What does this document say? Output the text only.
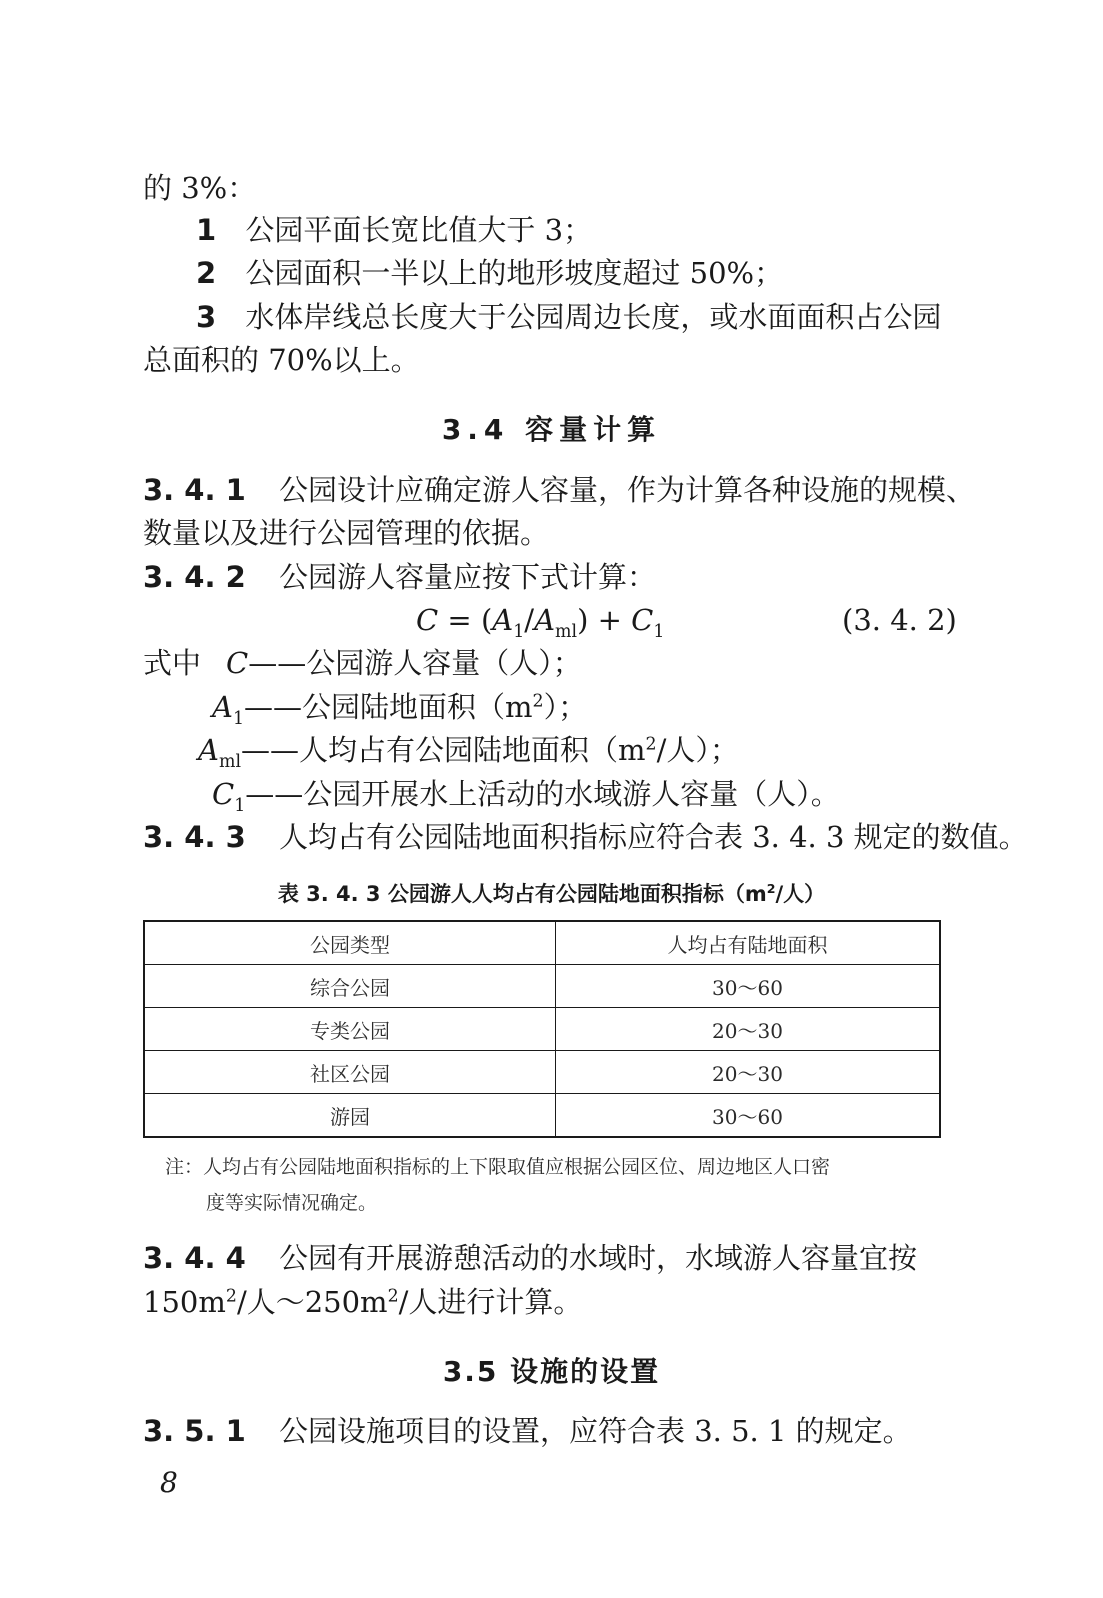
的 3%：
1 公园平面长宽比值大于 3；
2 公园面积一半以上的地形坡度超过 50%；
3 水体岸线总长度大于公园周边长度，或水面面积占公园
总面积的 70%以上。
3.4 容量计算
3. 4. 1 公园设计应确定游人容量，作为计算各种设施的规模、
数量以及进行公园管理的依据。
3. 4. 2 公园游人容量应按下式计算：
$C = (A_1/A_{ml}) + C_1$	(3. 4. 2)
式中 C——公园游人容量（人）；
$A_1——$公园陆地面积$(m^2)$；
$A_{ml}——$人均占有公园陆地面积（$m^2/$人）；
$C_1——$公园开展水上活动的水域游人容量（人）。
3. 4. 3 人均占有公园陆地面积指标应符合表 3. 4. 3 规定的数值。
表 3. 4. 3 公园游人人均占有公园陆地面积指标（$m^2/$人）
公园类型	人均占有陆地面积
综合公园	30～60
专类公园	20～30
社区公园	20～30
游园	30～60
注：人均占有公园陆地面积指标的上下限取值应根据公园区位、周边地区人口密
度等实际情况确定。
3. 4. 4 公园有开展游憩活动的水域时，水域游人容量宜按
$150m^2/$人$\sim 250m^2/$人进行计算。
3.5 设施的设置
3. 5. 1 公园设施项目的设置，应符合表 3. 5. 1 的规定。
8
